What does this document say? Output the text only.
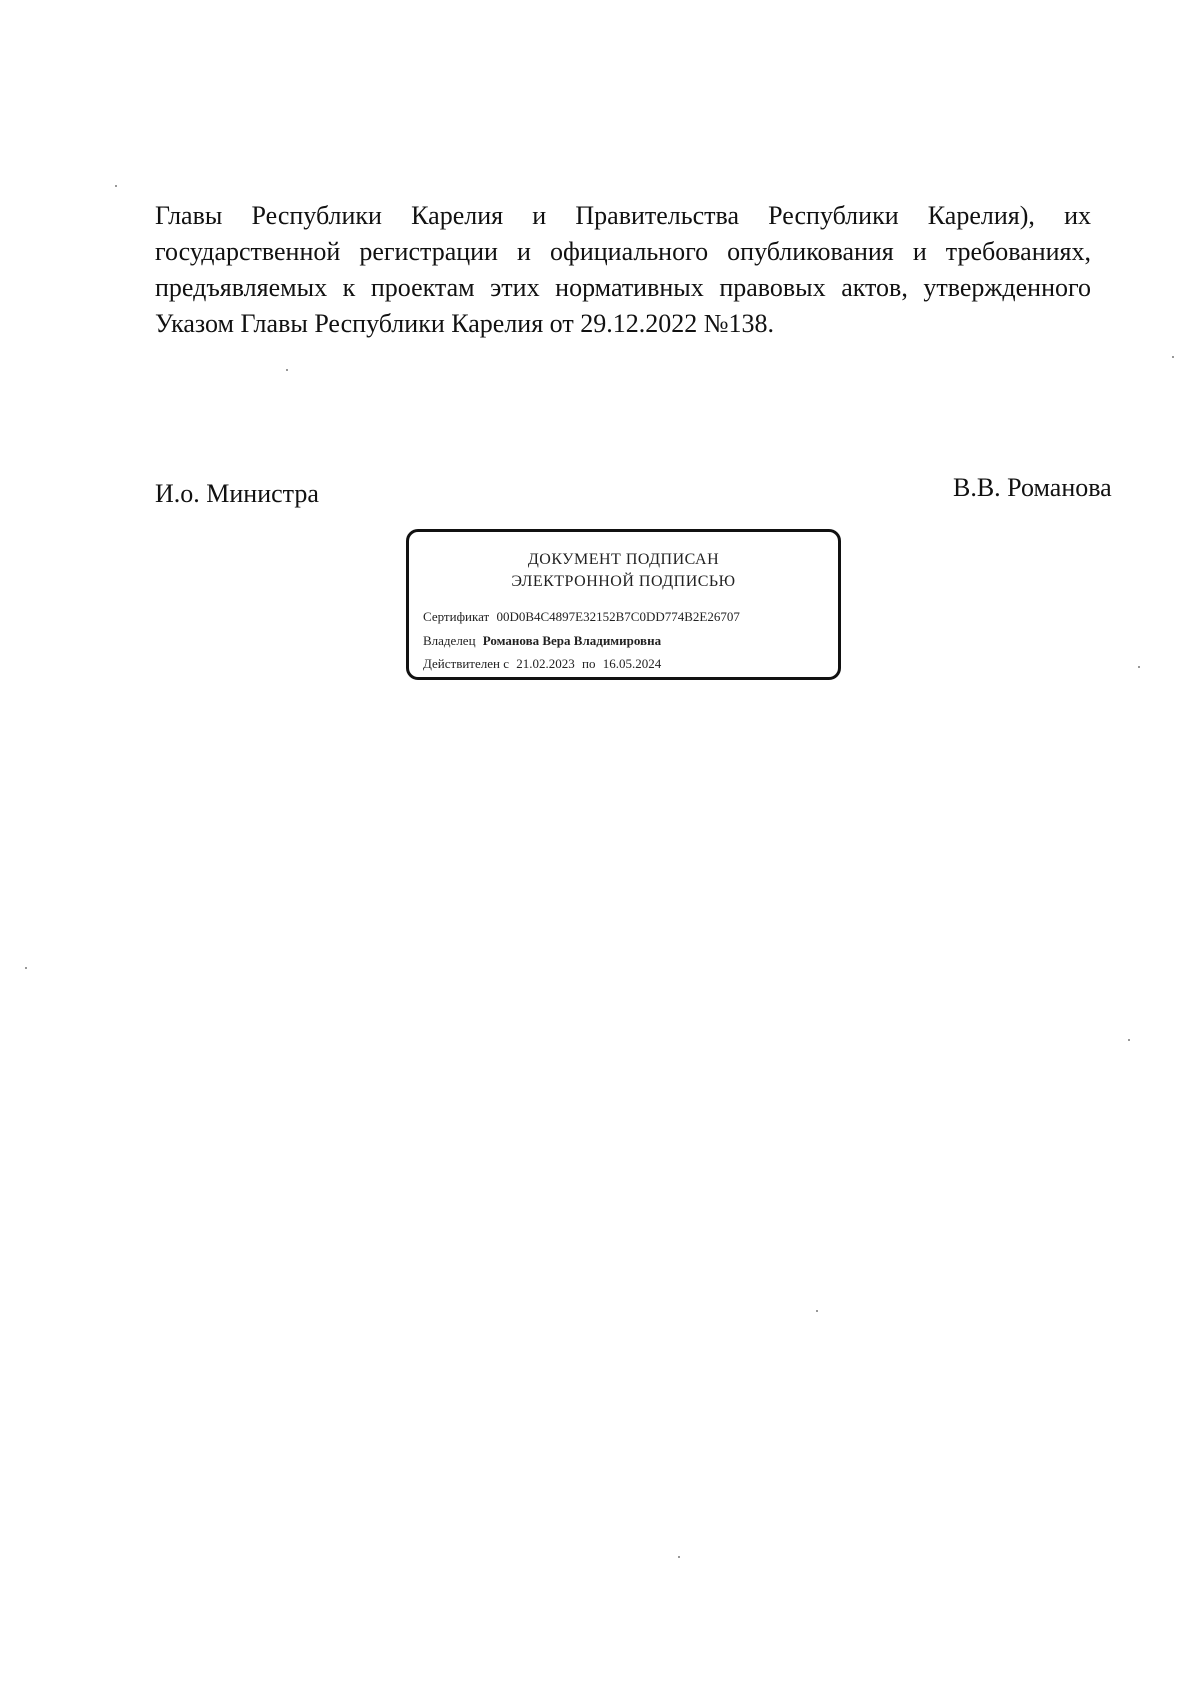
Главы Республики Карелия и Правительства Республики Карелия), их
государственной регистрации и официального опубликования и требованиях,
предъявляемых к проектам этих нормативных правовых актов, утвержденного
Указом Главы Республики Карелия от 29.12.2022 №138.
И.о. Министра	В.В. Романова
ДОКУМЕНТ ПОДПИСАН
ЭЛЕКТРОННОЙ ПОДПИСЬЮ
Сертификат 00D0B4C4897E32152B7C0DD774B2E26707
Владелец Романова Вера Владимировна
Действителен с 21.02.2023 по 16.05.2024
